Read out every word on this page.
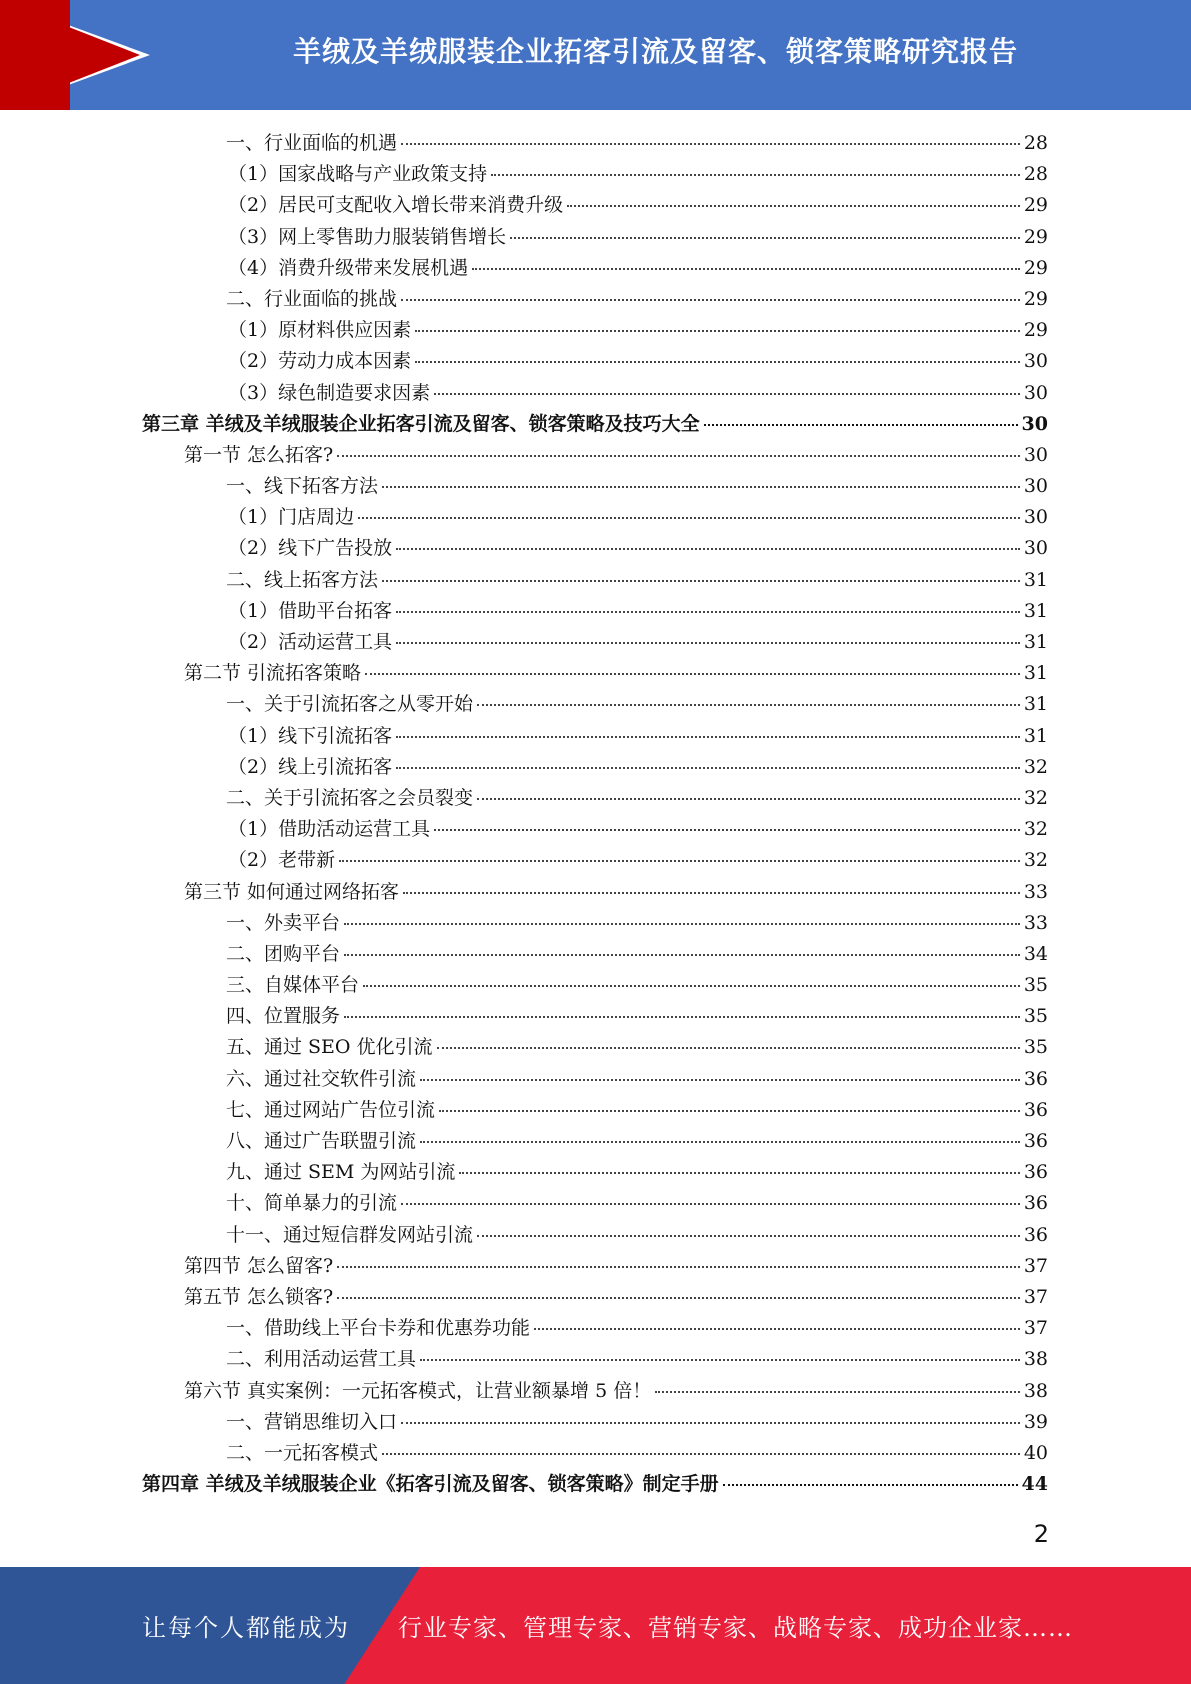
羊绒及羊绒服装企业拓客引流及留客、锁客策略研究报告
一、行业面临的机遇	28
（1）国家战略与产业政策支持	28
（2）居民可支配收入增长带来消费升级	29
（3）网上零售助力服装销售增长	29
（4）消费升级带来发展机遇	29
二、行业面临的挑战	29
（1）原材料供应因素	29
（2）劳动力成本因素	30
（3）绿色制造要求因素	30
第三章 羊绒及羊绒服装企业拓客引流及留客、锁客策略及技巧大全	30
第一节 怎么拓客?	30
一、线下拓客方法	30
（1）门店周边	30
（2）线下广告投放	30
二、线上拓客方法	31
（1）借助平台拓客	31
（2）活动运营工具	31
第二节 引流拓客策略	31
一、关于引流拓客之从零开始	31
（1）线下引流拓客	31
（2）线上引流拓客	32
二、关于引流拓客之会员裂变	32
（1）借助活动运营工具	32
（2）老带新	32
第三节 如何通过网络拓客	33
一、外卖平台	33
二、团购平台	34
三、自媒体平台	35
四、位置服务	35
五、通过 SEO 优化引流	35
六、通过社交软件引流	36
七、通过网站广告位引流	36
八、通过广告联盟引流	36
九、通过 SEM 为网站引流	36
十、简单暴力的引流	36
十一、通过短信群发网站引流	36
第四节 怎么留客?	37
第五节 怎么锁客?	37
一、借助线上平台卡券和优惠券功能	37
二、利用活动运营工具	38
第六节 真实案例：一元拓客模式，让营业额暴增 5 倍！	38
一、营销思维切入口	39
二、一元拓客模式	40
第四章 羊绒及羊绒服装企业《拓客引流及留客、锁客策略》制定手册	44
2
让每个人都能成为 行业专家、管理专家、营销专家、战略专家、成功企业家……
